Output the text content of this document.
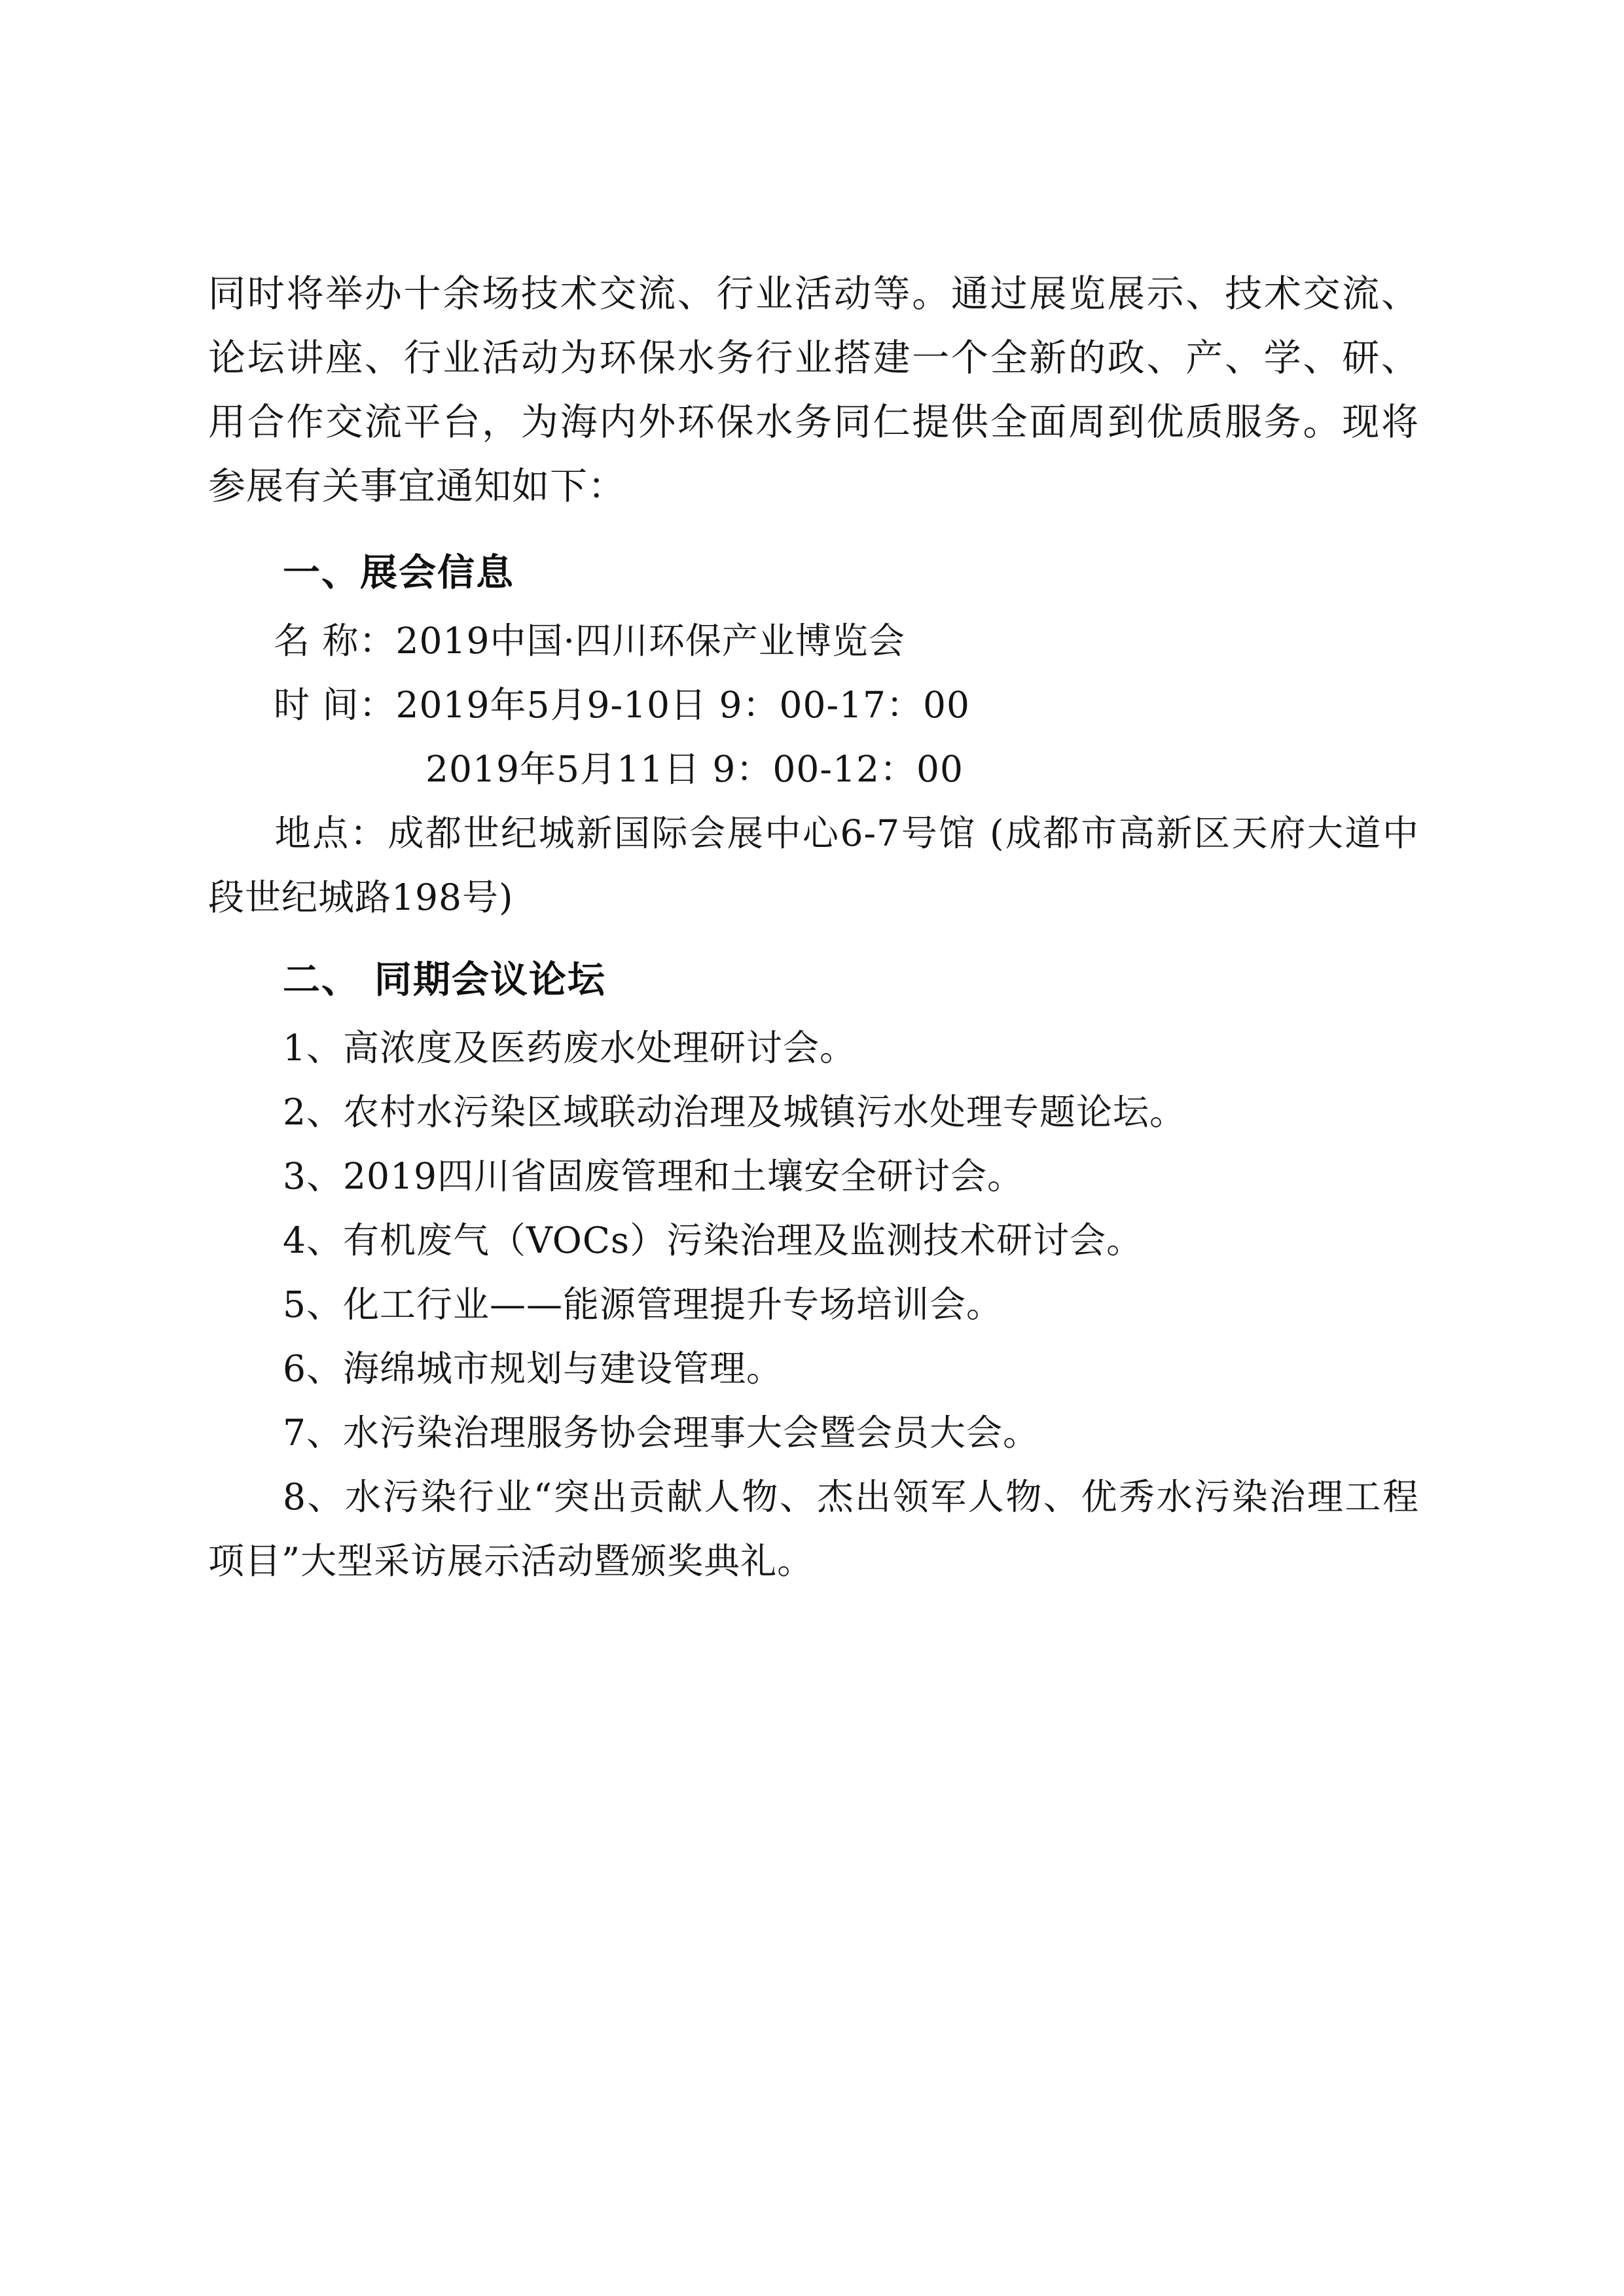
同时将举办十余场技术交流、行业活动等。通过展览展示、技术交流、论坛讲座、行业活动为环保水务行业搭建一个全新的政、产、学、研、用合作交流平台，为海内外环保水务同仁提供全面周到优质服务。现将参展有关事宜通知如下：

一、展会信息
名 称：2019中国·四川环保产业博览会
时 间：2019年5月9-10日 9：00-17：00
2019年5月11日 9：00-12：00
地点：成都世纪城新国际会展中心6-7号馆 (成都市高新区天府大道中段世纪城路198号)
二、 同期会议论坛
1、高浓度及医药废水处理研讨会。
2、农村水污染区域联动治理及城镇污水处理专题论坛。
3、2019四川省固废管理和土壤安全研讨会。
4、有机废气（VOCs）污染治理及监测技术研讨会。
5、化工行业——能源管理提升专场培训会。
6、海绵城市规划与建设管理。
7、水污染治理服务协会理事大会暨会员大会。
8、水污染行业“突出贡献人物、杰出领军人物、优秀水污染治理工程项目”大型采访展示活动暨颁奖典礼。
